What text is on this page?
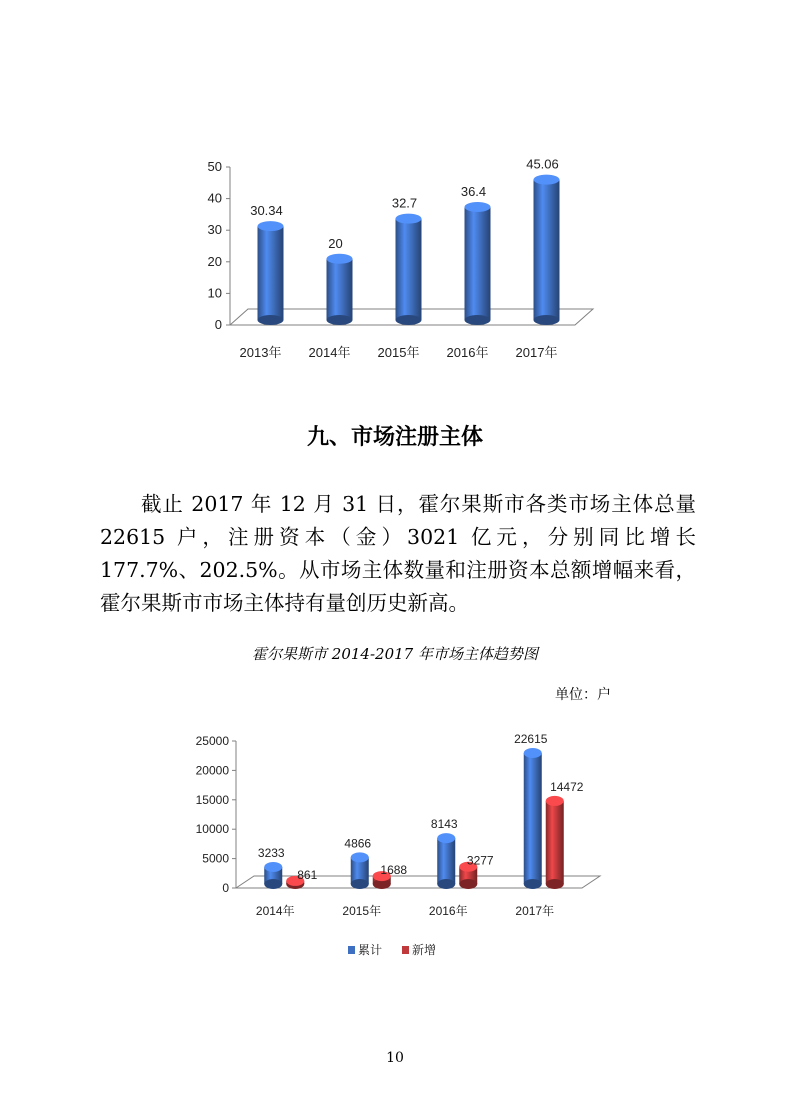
0
10
20
30
40
50
30.34
2013年
20
2014年
32.7
2015年
36.4
2016年
45.06
2017年
九、市场注册主体

截止 2017 年 12 月 31 日，霍尔果斯市各类市场主体总量 22615 户，注册资本（金）3021 亿元，分别同比增长 177.7%、202.5%。从市场主体数量和注册资本总额增幅来看，霍尔果斯市市场主体持有量创历史新高。

霍尔果斯市 2014-2017 年市场主体趋势图
单位：户
0
5000
10000
15000
20000
25000
3233
861
2014年
4866
1688
2015年
8143
3277
2016年
22615
14472
2017年
累计 新增
10
